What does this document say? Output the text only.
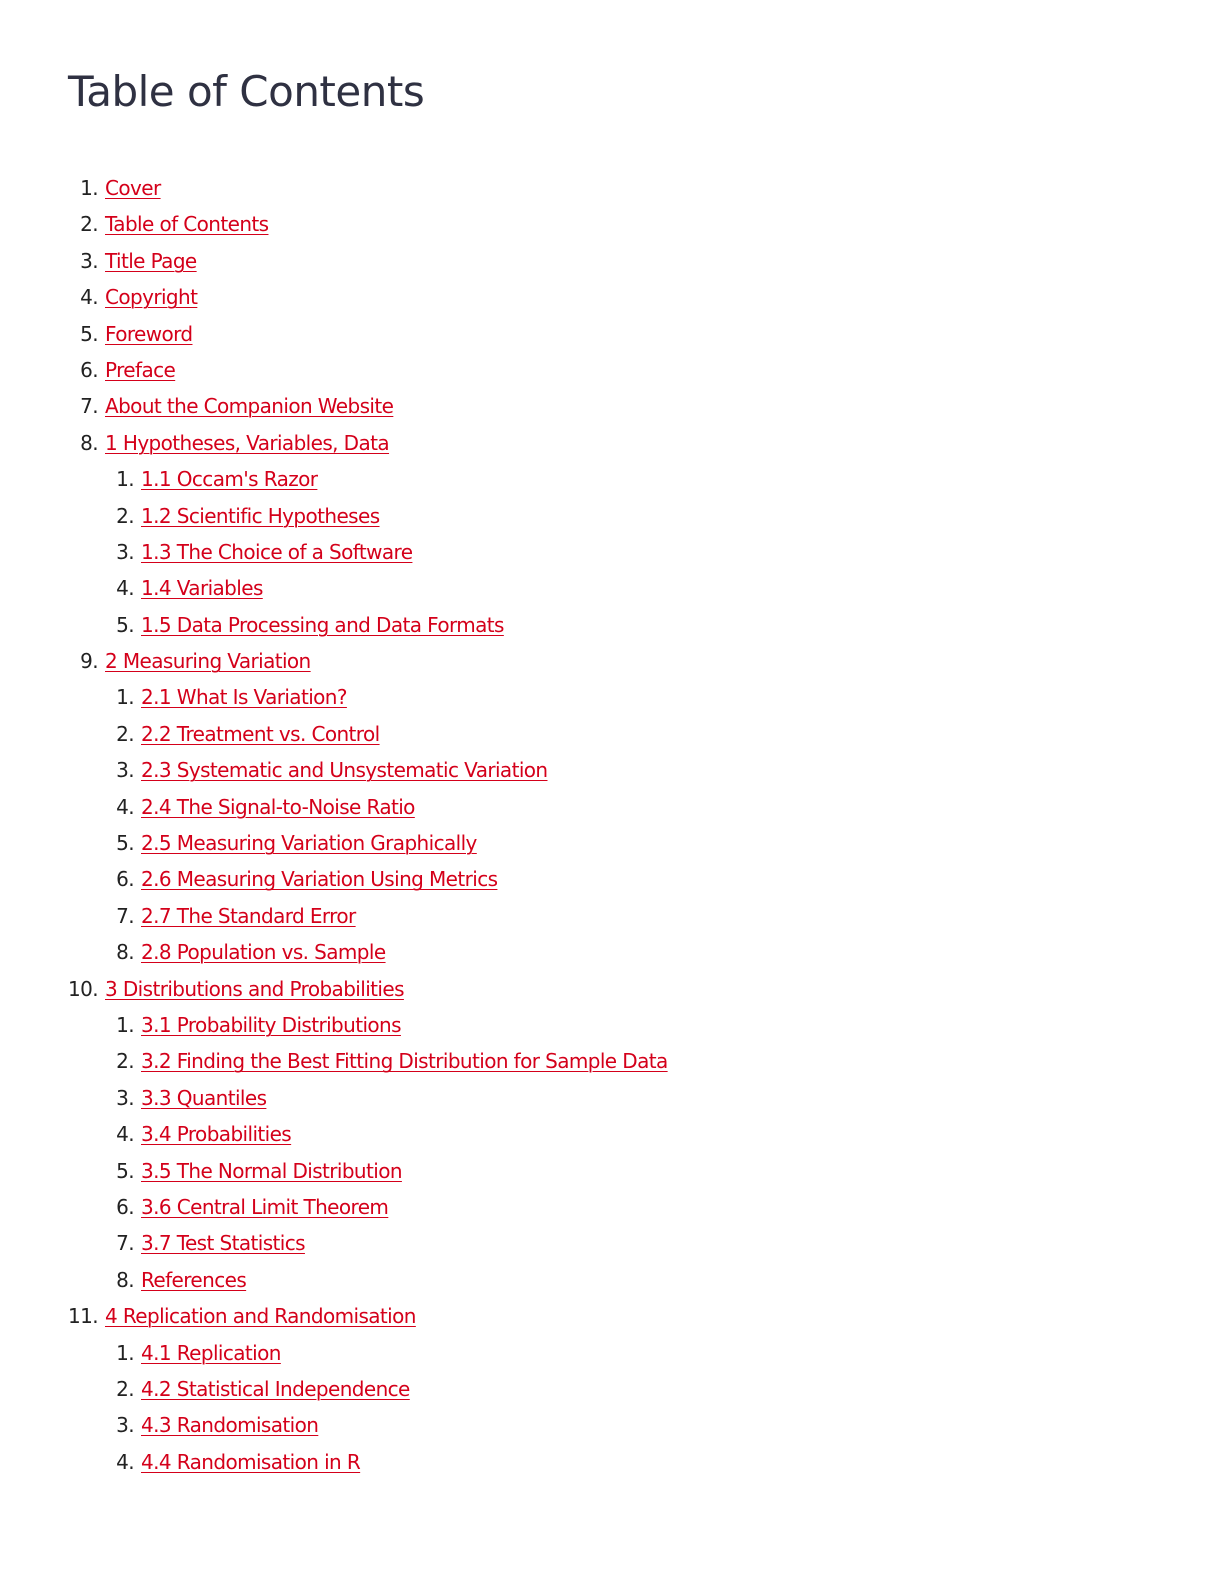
Table of Contents
1. Cover
2. Table of Contents
3. Title Page
4. Copyright
5. Foreword
6. Preface
7. About the Companion Website
8. 1 Hypotheses, Variables, Data
1. 1.1 Occam's Razor
2. 1.2 Scientific Hypotheses
3. 1.3 The Choice of a Software
4. 1.4 Variables
5. 1.5 Data Processing and Data Formats
9. 2 Measuring Variation
1. 2.1 What Is Variation?
2. 2.2 Treatment vs. Control
3. 2.3 Systematic and Unsystematic Variation
4. 2.4 The Signal-to-Noise Ratio
5. 2.5 Measuring Variation Graphically
6. 2.6 Measuring Variation Using Metrics
7. 2.7 The Standard Error
8. 2.8 Population vs. Sample
10. 3 Distributions and Probabilities
1. 3.1 Probability Distributions
2. 3.2 Finding the Best Fitting Distribution for Sample Data
3. 3.3 Quantiles
4. 3.4 Probabilities
5. 3.5 The Normal Distribution
6. 3.6 Central Limit Theorem
7. 3.7 Test Statistics
8. References
11. 4 Replication and Randomisation
1. 4.1 Replication
2. 4.2 Statistical Independence
3. 4.3 Randomisation
4. 4.4 Randomisation in R
